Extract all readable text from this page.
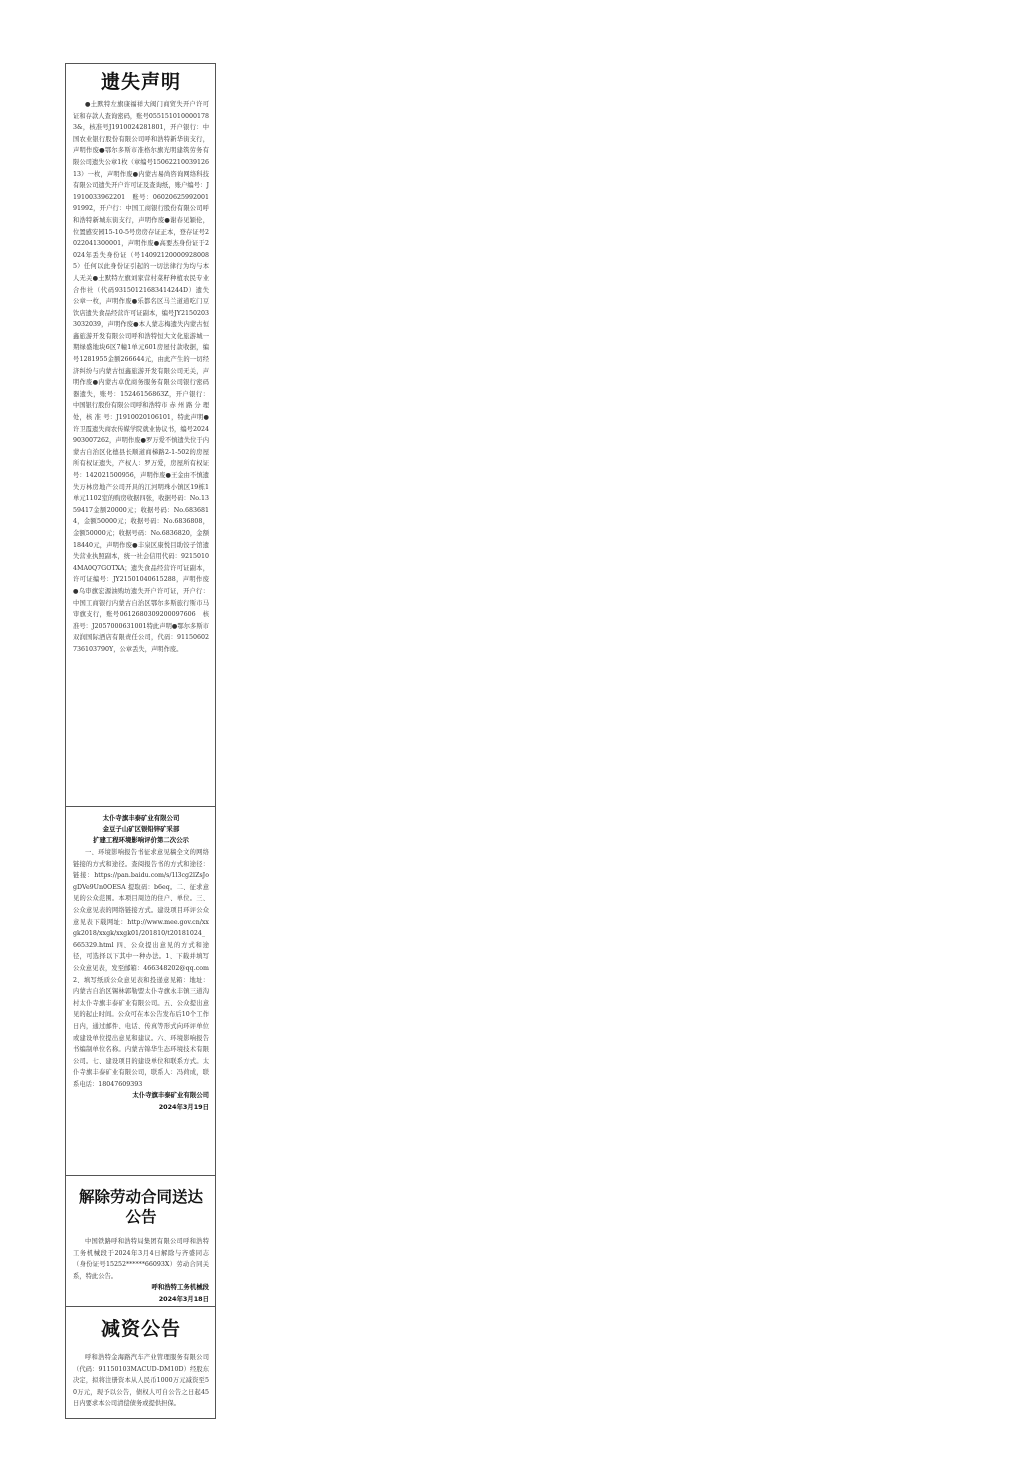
遗失声明
●土默特左旗康福祥大阀门商贸失开户许可证和存款人查询密码，账号0551510100001783&，核准号J1910024281801，开户银行：中国农业银行股份有限公司呼和浩特新华街支行，声明作废●鄂尔多斯市准格尔旗光明建筑劳务有限公司遗失公章1枚（章编号1506221003912613）一枚，声明作废●内蒙古易尚咨询网络科技有限公司遗失开户许可证及查询纸，账户编号：J1910033962201　账号：0602062599200191992，开户行：中国工商银行股份有限公司呼和浩特新城东街支行，声明作废●谢春见颖伦，位置感安园15-10-5号房房存证正本，登存证号2022041300001，声明作废●高要杰身份证于2024年丢失身份证（号140921200009280085）任何以此身份证引起的一切法律行为均与本人无关●土默特左旗刘家营村菜籽种植农民专业合作社（代码93150121683414244D）遗失公章一枚，声明作废●乐都名区马兰道道吃门豆饮店遗失食品经营许可证副本，编号JY21502033032039，声明作废●本人蒙志梅遗失内蒙古恒鑫旅游开发有限公司呼和浩特恒大文化旅游城一期绿盛地块6区7幢1单元601房屋付款收据，编号1281955金额266644元，由此产生的一切经济纠纷与内蒙古恒鑫旅游开发有限公司无关，声明作废●内蒙古卓优商务服务有限公司银行密码器遗失，账号：15246156863Z，开户银行：中国银行股份有限公司呼和浩特市 赤 州 路 分 理 处，核 准 号：J1910020106101，特此声明●许卫霞遗失商农传媒学院就业协议书，编号2024903007262，声明作废●罗万爱不慎遗失位于内蒙古自治区化德县长顺道商梯路2-1-502的房屋所有权证遗失，产权人：罗万爱，房屋所有权证号：142021500956，声明作废●王金由不慎遗失万林房地产公司开具的江河明珠小镇区19栋1单元1102室的购房收据四张，收据号码：No.1359417金额20000元；收据号码：No.6836814，金额50000元；收据号码：No.6836808，金额50000元；收据号码：No.6836820，金额18440元，声明作废●丰泉区康悦目助饺子馆遗失营业执照副本，统一社会信用代码：92150104MA0Q7GOTXA；遗失食品经营许可证副本，许可证编号：JY21501040615288，声明作废●乌审旗宏源油购坊遗失开户许可证，开户行：中国工商银行内蒙古自治区鄂尔多斯旅行斯市马审旗支行，账号0612680309200097606　核准号：J2057000631001特此声明●鄂尔多斯市双润国际酒店有限责任公司，代码：91150602736103790Y，公章丢失，声明作废。
太仆寺旗丰泰矿业有限公司
金豆子山矿区银铅锌矿采部
扩建工程环境影响评价第二次公示
一、环境影响报告书征求意见稿全文的网络链接的方式和途径。查阅报告书的方式和途径：链接：https://pan.baidu.com/s/1l3cg2lZsJogDVe9Un0OESA 提取码：b6eq。二、征求意见的公众范围。本项目周边的住户、单位。三、公众意见表的网络链接方式。建设项目环评公众意见表下载网址：http://www.mee.gov.cn/xxgk2018/xxgk/xxgk01/201810/t20181024_665329.html 四、公众提出意见的方式和途径，可选择以下其中一种办法。1、下载并填写公众意见表，发至邮箱：466348202@qq.com 2、填写纸质公众意见表和投递意见箱：地址：内蒙古自治区锡林郭勒盟太仆寺旗永丰镇三道沟村太仆寺旗丰泰矿业有限公司。五、公众提出意见的起止时间。公众可在本公告发布后10个工作日内，通过邮件、电话、传真等形式向环评单位或建设单位提出意见和建议。六、环境影响报告书编制单位名称。内蒙古锦华生态环境技术有限公司。七、建设项目的建设单位和联系方式。太仆寺旗丰泰矿业有限公司，联系人：冯荷成，联系电话：18047609393
太仆寺旗丰泰矿业有限公司
2024年3月19日
解除劳动合同送达公告
中国铁路呼和浩特局集团有限公司呼和浩特工务机械段于2024年3月4日解除与齐盛同志（身份证号15252******66093X）劳动合同关系，特此公告。
呼和浩特工务机械段
2024年3月18日
减资公告
呼和浩特金海路汽车产业管理服务有限公司（代码：91150103MACUD-DM10D）经股东决定，拟将注册资本从人民币1000万元减资至50万元，现予以公告，债权人可自公告之日起45日内要求本公司清偿债务或提供担保。
